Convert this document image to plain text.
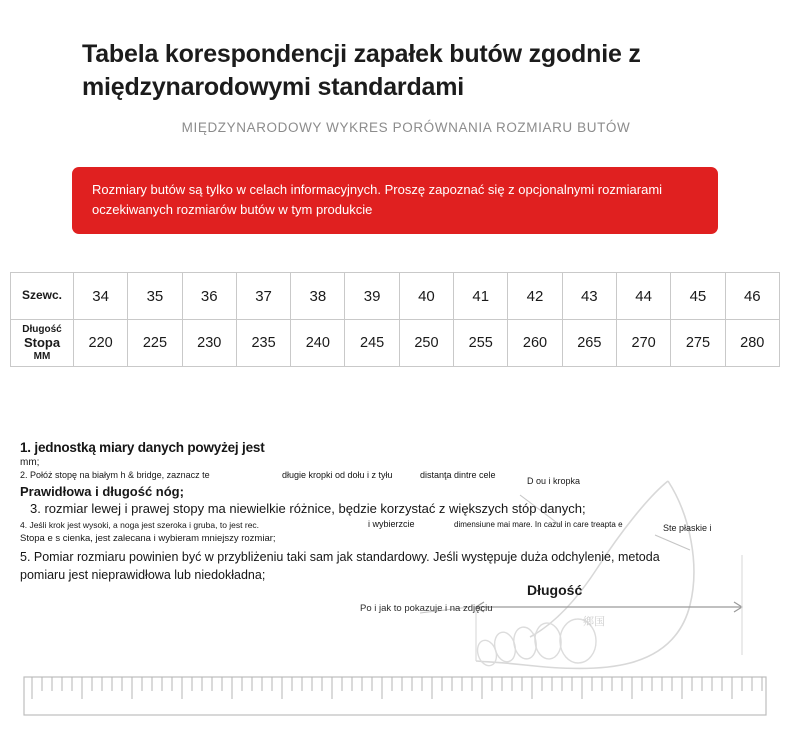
Tabela korespondencji zapałek butów zgodnie z międzynarodowymi standardami
MIĘDZYNARODOWY WYKRES PORÓWNANIA ROZMIARU BUTÓW
Rozmiary butów są tylko w celach informacyjnych. Proszę zapoznać się z opcjonalnymi rozmiarami oczekiwanych rozmiarów butów w tym produkcie
Szewc.	34	35	36	37	38	39	40	41	42	43	44	45	46

Długość
Stopa
MM	220	225	230	235	240	245	250	255	260	265	270	275	280
Długość
Po i jak to pokazuje i na zdjęciu
Ste płaskie i
D ou i kropka
鄉国
1. jednostką miary danych powyżej jest
mm;
2. Połóż stopę na białym h & bridge, zaznacz te	długie kropki od dołu i z tyłu	distanţa dintre cele
Prawidłowa i długość nóg;
3. rozmiar lewej i prawej stopy ma niewielkie różnice, będzie korzystać z większych stóp danych;
4. Jeśli krok jest wysoki, a noga jest szeroka i gruba, to jest rec.	i wybierzcie	dimensiune mai mare. In cazul in care treapta e
Stopa e s cienka, jest zalecana i wybieram mniejszy rozmiar;
5. Pomiar rozmiaru powinien być w przybliżeniu taki sam jak standardowy. Jeśli występuje duża odchylenie, metoda pomiaru jest nieprawidłowa lub niedokładna;
